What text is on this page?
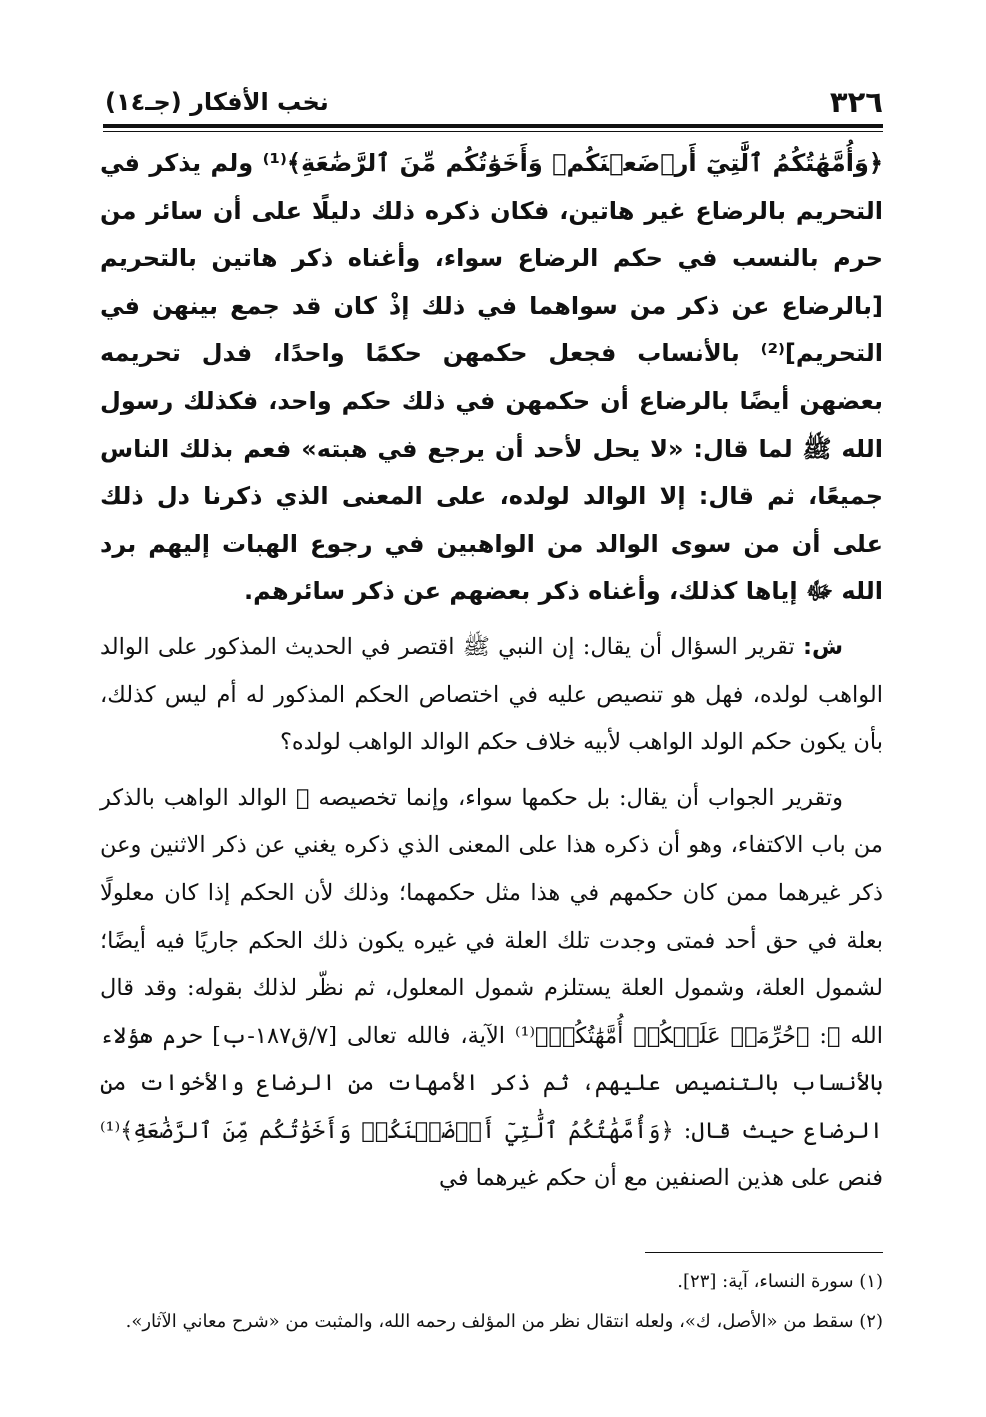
٣٢٦
نخب الأفكار (جـ١٤)

﴿وَأُمَّهَٰتُكُمُ ٱلَّٰتِيٓ أَرۡضَعۡنَكُمۡ وَأَخَوَٰتُكُم مِّنَ ٱلرَّضَٰعَةِ﴾⁽¹⁾ ولم يذكر في التحريم بالرضاع غير هاتين، فكان ذكره ذلك دليلًا على أن سائر من حرم بالنسب في حكم الرضاع سواء، وأغناه ذكر هاتين بالتحريم [بالرضاع عن ذكر من سواهما في ذلك إذْ كان قد جمع بينهن في التحريم]⁽²⁾ بالأنساب فجعل حكمهن حكمًا واحدًا، فدل تحريمه بعضهن أيضًا بالرضاع أن حكمهن في ذلك حكم واحد، فكذلك رسول الله ﷺ لما قال: «لا يحل لأحد أن يرجع في هبته» فعم بذلك الناس جميعًا، ثم قال: إلا الوالد لولده، على المعنى الذي ذكرنا دل ذلك على أن من سوى الوالد من الواهبين في رجوع الهبات إليهم برد الله ﷻ إياها كذلك، وأغناه ذكر بعضهم عن ذكر سائرهم.

ش: تقرير السؤال أن يقال: إن النبي ﷺ اقتصر في الحديث المذكور على الوالد الواهب لولده، فهل هو تنصيص عليه في اختصاص الحكم المذكور له أم ليس كذلك، بأن يكون حكم الولد الواهب لأبيه خلاف حكم الوالد الواهب لولده؟

وتقرير الجواب أن يقال: بل حكمها سواء، وإنما تخصيصه ﷺ الوالد الواهب بالذكر من باب الاكتفاء، وهو أن ذكره هذا على المعنى الذي ذكره يغني عن ذكر الاثنين وعن ذكر غيرهما ممن كان حكمهم في هذا مثل حكمهما؛ وذلك لأن الحكم إذا كان معلولًا بعلة في حق أحد فمتى وجدت تلك العلة في غيره يكون ذلك الحكم جاريًا فيه أيضًا؛ لشمول العلة، وشمول العلة يستلزم شمول المعلول، ثم نظّر لذلك بقوله: وقد قال الله ﷻ: ﴿حُرِّمَتۡ عَلَيۡكُمۡ أُمَّهَٰتُكُمۡ﴾⁽¹⁾ الآية، فالله تعالى [٧/ق١٨٧-ب] حرم هؤلاء بالأنساب بالتنصيص عليهم، ثم ذكر الأمهات من الرضاع والأخوات من الرضاع حيث قال: ﴿وَأُمَّهَٰتُكُمُ ٱلَّٰتِيٓ أَرۡضَعۡنَكُمۡ وَأَخَوَٰتُكُم مِّنَ ٱلرَّضَٰعَةِ﴾⁽¹⁾ فنص على هذين الصنفين مع أن حكم غيرهما في

(١) سورة النساء، آية: [٢٣].

(٢) سقط من «الأصل، ك»، ولعله انتقال نظر من المؤلف رحمه الله، والمثبت من «شرح معاني الآثار».
